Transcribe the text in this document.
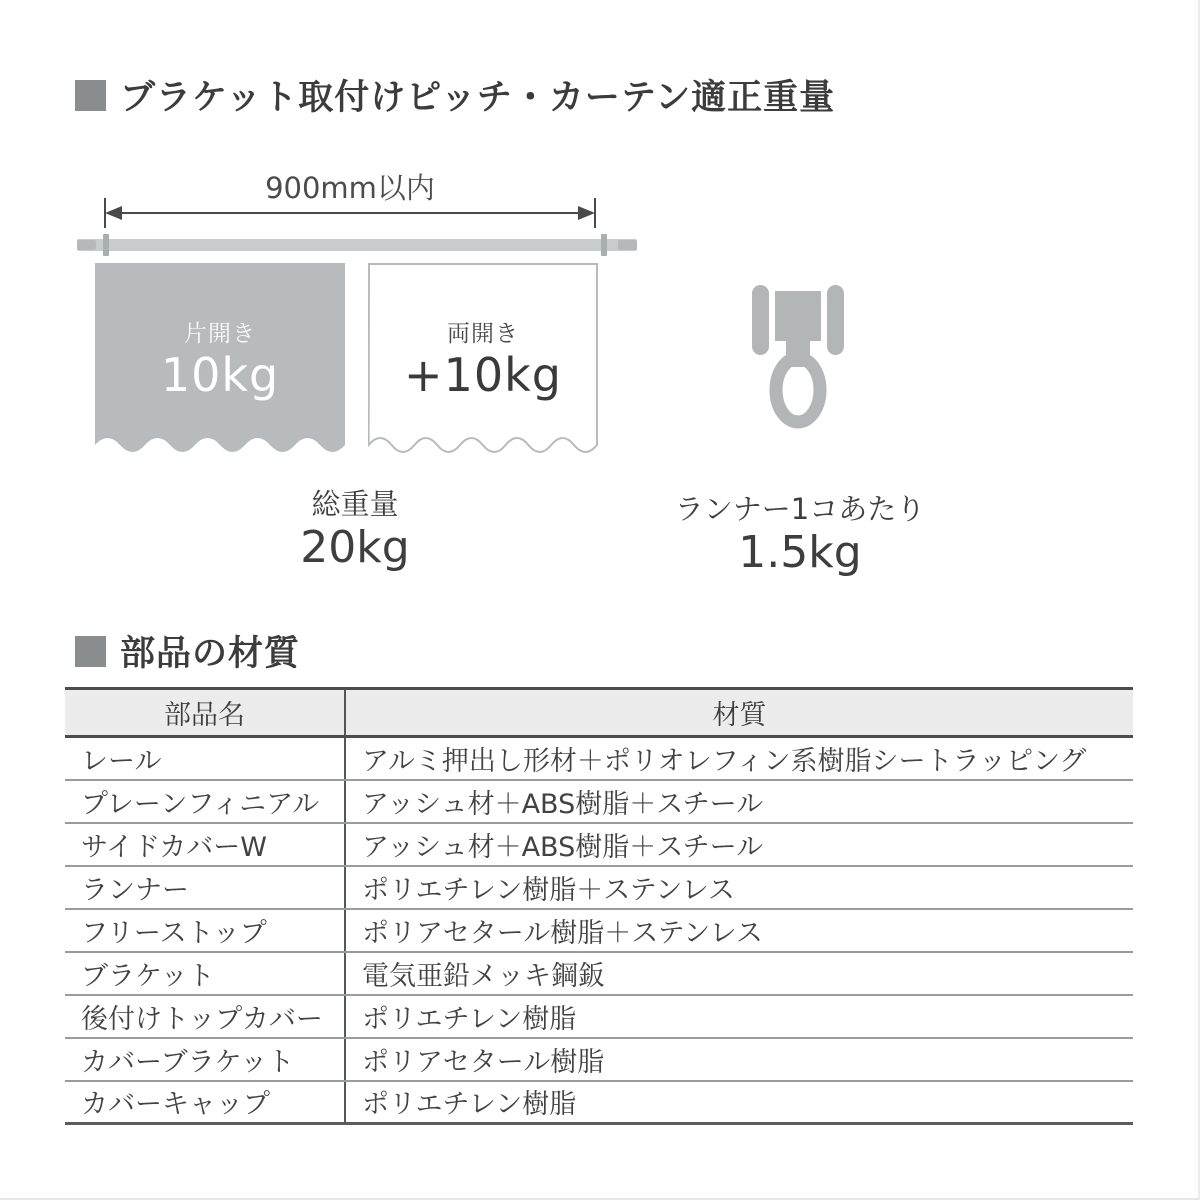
ブラケット取付けピッチ・カーテン適正重量
900mm以内
片開き
10kg
両開き
+10kg
総重量
20kg
ランナー1コあたり
1.5kg
部品の材質
部品名	材質
レール	アルミ押出し形材＋ポリオレフィン系樹脂シートラッピング
プレーンフィニアル	アッシュ材＋ABS樹脂＋スチール
サイドカバーW	アッシュ材＋ABS樹脂＋スチール
ランナー	ポリエチレン樹脂＋ステンレス
フリーストップ	ポリアセタール樹脂＋ステンレス
ブラケット	電気亜鉛メッキ鋼鈑
後付けトップカバー	ポリエチレン樹脂
カバーブラケット	ポリアセタール樹脂
カバーキャップ	ポリエチレン樹脂
